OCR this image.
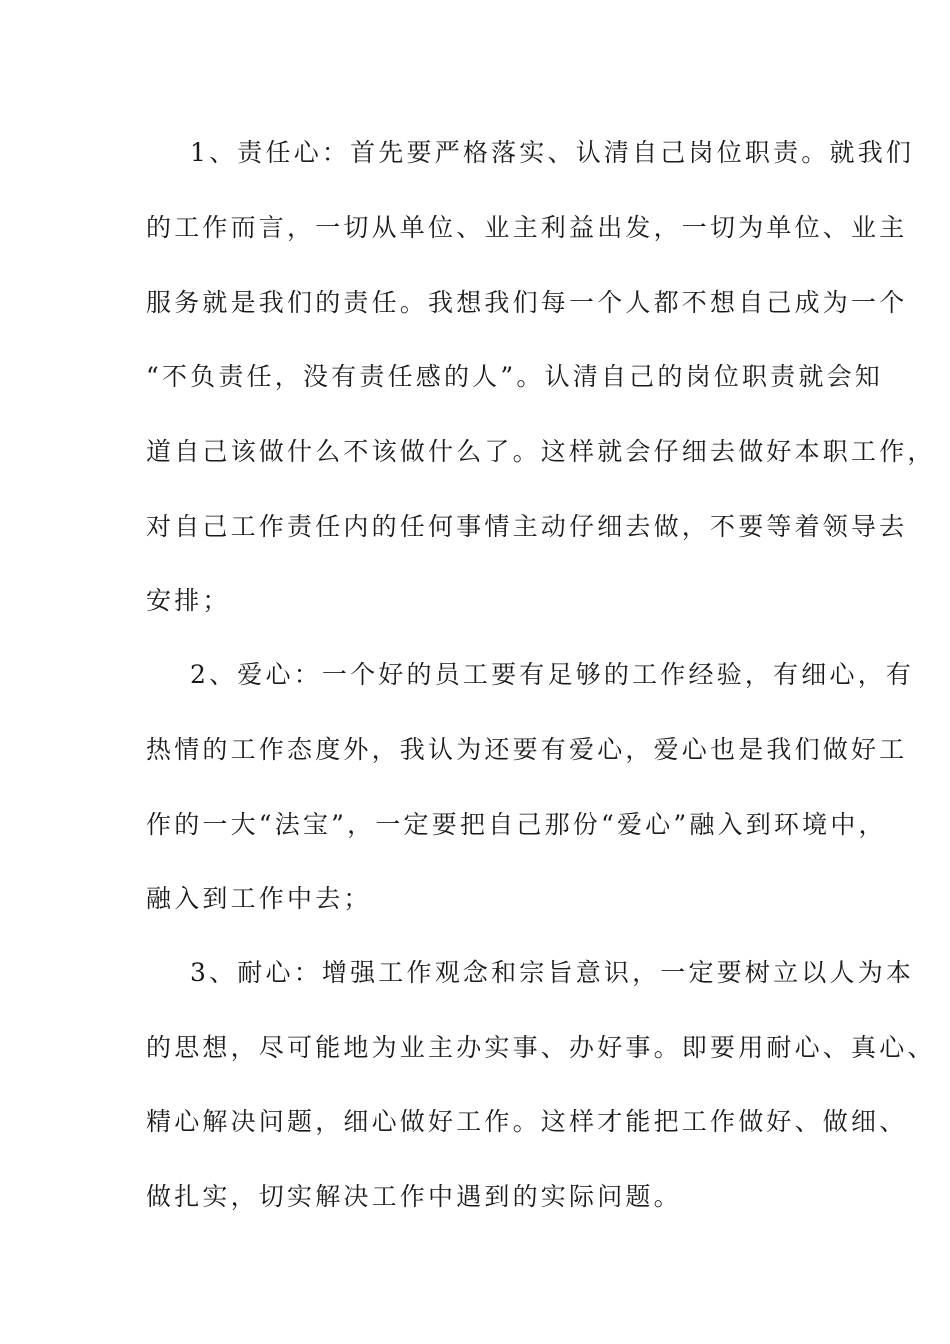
1、责任心：首先要严格落实、认清自己岗位职责。就我们
的工作而言，一切从单位、业主利益出发，一切为单位、业主
服务就是我们的责任。我想我们每一个人都不想自己成为一个
“不负责任，没有责任感的人”。认清自己的岗位职责就会知
道自己该做什么不该做什么了。这样就会仔细去做好本职工作，
对自己工作责任内的任何事情主动仔细去做，不要等着领导去
安排；
2、爱心：一个好的员工要有足够的工作经验，有细心，有
热情的工作态度外，我认为还要有爱心，爱心也是我们做好工
作的一大“法宝”，一定要把自己那份“爱心”融入到环境中，
融入到工作中去；
3、耐心：增强工作观念和宗旨意识，一定要树立以人为本
的思想，尽可能地为业主办实事、办好事。即要用耐心、真心、
精心解决问题，细心做好工作。这样才能把工作做好、做细、
做扎实，切实解决工作中遇到的实际问题。
